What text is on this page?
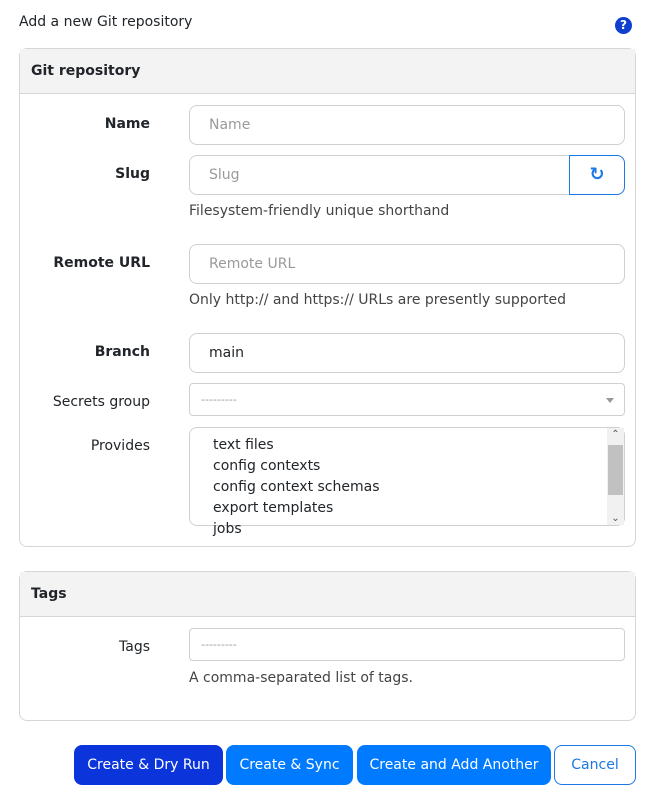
Add a new Git repository	?
Git repository
Name	Name
Slug	Slug	↻
Filesystem-friendly unique shorthand
Remote URL	Remote URL
Only http:// and https:// URLs are presently supported
Branch	main
Secrets group	---------
Provides	text files
config contexts
config context schemas
export templates
jobs
⌃
⌄
Tags
Tags	---------
A comma-separated list of tags.
Create & Dry Run	Create & Sync	Create and Add Another	Cancel
